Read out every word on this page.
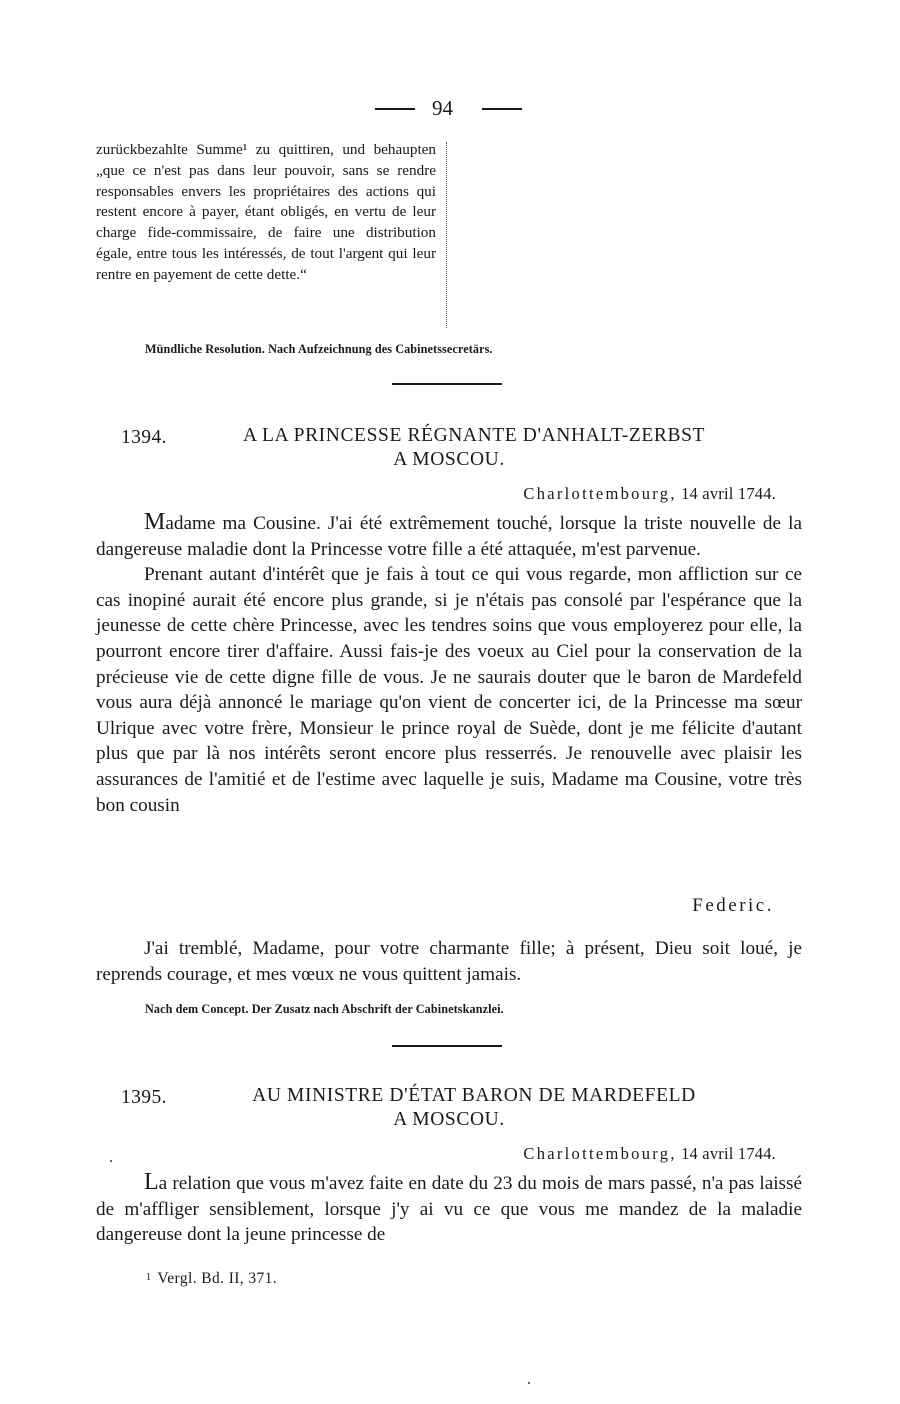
94

zurückbezahlte Summe¹ zu quittiren, und behaupten „que ce n'est pas dans leur pouvoir, sans se rendre responsables envers les propriétaires des actions qui restent encore à payer, étant obligés, en vertu de leur charge fide-commissaire, de faire une distribution égale, entre tous les intéressés, de tout l'argent qui leur rentre en payement de cette dette.“

Mündliche Resolution. Nach Aufzeichnung des Cabinetssecretärs.
1394.	A LA PRINCESSE RÉGNANTE D'ANHALT-ZERBST
A MOSCOU.
Charlottembourg, 14 avril 1744.

Madame ma Cousine. J'ai été extrêmement touché, lorsque la triste nouvelle de la dangereuse maladie dont la Princesse votre fille a été attaquée, m'est parvenue.

Prenant autant d'intérêt que je fais à tout ce qui vous regarde, mon affliction sur ce cas inopiné aurait été encore plus grande, si je n'étais pas consolé par l'espérance que la jeunesse de cette chère Princesse, avec les tendres soins que vous employerez pour elle, la pourront encore tirer d'affaire. Aussi fais-je des voeux au Ciel pour la conservation de la précieuse vie de cette digne fille de vous. Je ne saurais douter que le baron de Mardefeld vous aura déjà annoncé le mariage qu'on vient de concerter ici, de la Princesse ma sœur Ulrique avec votre frère, Monsieur le prince royal de Suède, dont je me félicite d'autant plus que par là nos intérêts seront encore plus resserrés. Je renouvelle avec plaisir les assurances de l'amitié et de l'estime avec laquelle je suis, Madame ma Cousine, votre très bon cousin

Federic.

J'ai tremblé, Madame, pour votre charmante fille; à présent, Dieu soit loué, je reprends courage, et mes vœux ne vous quittent jamais.

Nach dem Concept. Der Zusatz nach Abschrift der Cabinetskanzlei.
1395.	AU MINISTRE D'ÉTAT BARON DE MARDEFELD
A MOSCOU.
Charlottembourg, 14 avril 1744.

La relation que vous m'avez faite en date du 23 du mois de mars passé, n'a pas laissé de m'affliger sensiblement, lorsque j'y ai vu ce que vous me mandez de la maladie dangereuse dont la jeune princesse de

1 Vergl. Bd. II, 371.
